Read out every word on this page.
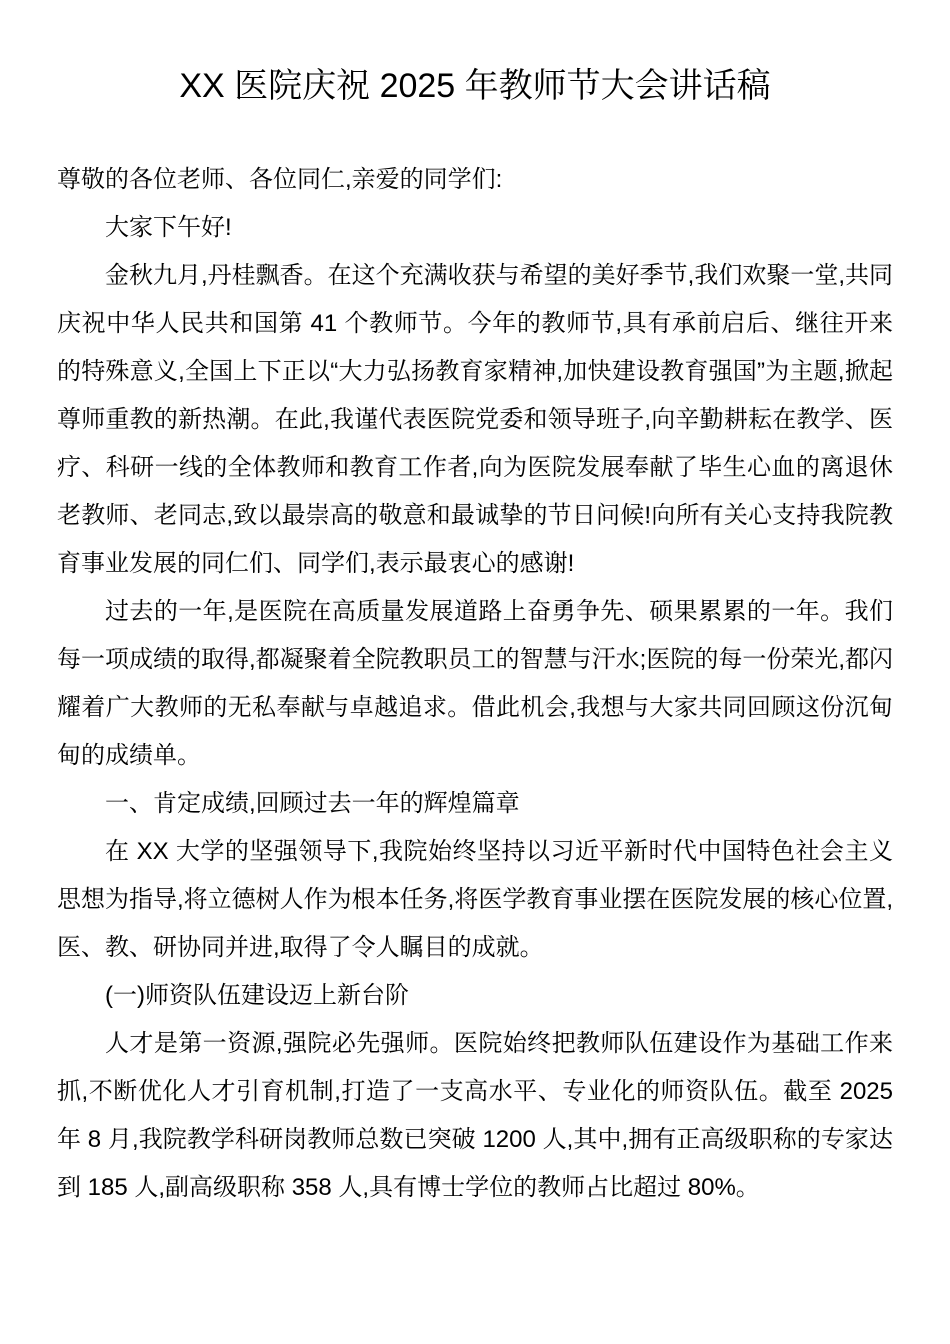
XX 医院庆祝 2025 年教师节大会讲话稿

尊敬的各位老师、各位同仁,亲爱的同学们:

大家下午好!

金秋九月,丹桂飘香。在这个充满收获与希望的美好季节,我们欢聚一堂,共同庆祝中华人民共和国第 41 个教师节。今年的教师节,具有承前启后、继往开来的特殊意义,全国上下正以“大力弘扬教育家精神,加快建设教育强国”为主题,掀起尊师重教的新热潮。在此,我谨代表医院党委和领导班子,向辛勤耕耘在教学、医疗、科研一线的全体教师和教育工作者,向为医院发展奉献了毕生心血的离退休老教师、老同志,致以最崇高的敬意和最诚挚的节日问候!向所有关心支持我院教育事业发展的同仁们、同学们,表示最衷心的感谢!

过去的一年,是医院在高质量发展道路上奋勇争先、硕果累累的一年。我们每一项成绩的取得,都凝聚着全院教职员工的智慧与汗水;医院的每一份荣光,都闪耀着广大教师的无私奉献与卓越追求。借此机会,我想与大家共同回顾这份沉甸甸的成绩单。

一、肯定成绩,回顾过去一年的辉煌篇章

在 XX 大学的坚强领导下,我院始终坚持以习近平新时代中国特色社会主义思想为指导,将立德树人作为根本任务,将医学教育事业摆在医院发展的核心位置,医、教、研协同并进,取得了令人瞩目的成就。

(一)师资队伍建设迈上新台阶

人才是第一资源,强院必先强师。医院始终把教师队伍建设作为基础工作来抓,不断优化人才引育机制,打造了一支高水平、专业化的师资队伍。截至 2025 年 8 月,我院教学科研岗教师总数已突破 1200 人,其中,拥有正高级职称的专家达到 185 人,副高级职称 358 人,具有博士学位的教师占比超过 80%。
